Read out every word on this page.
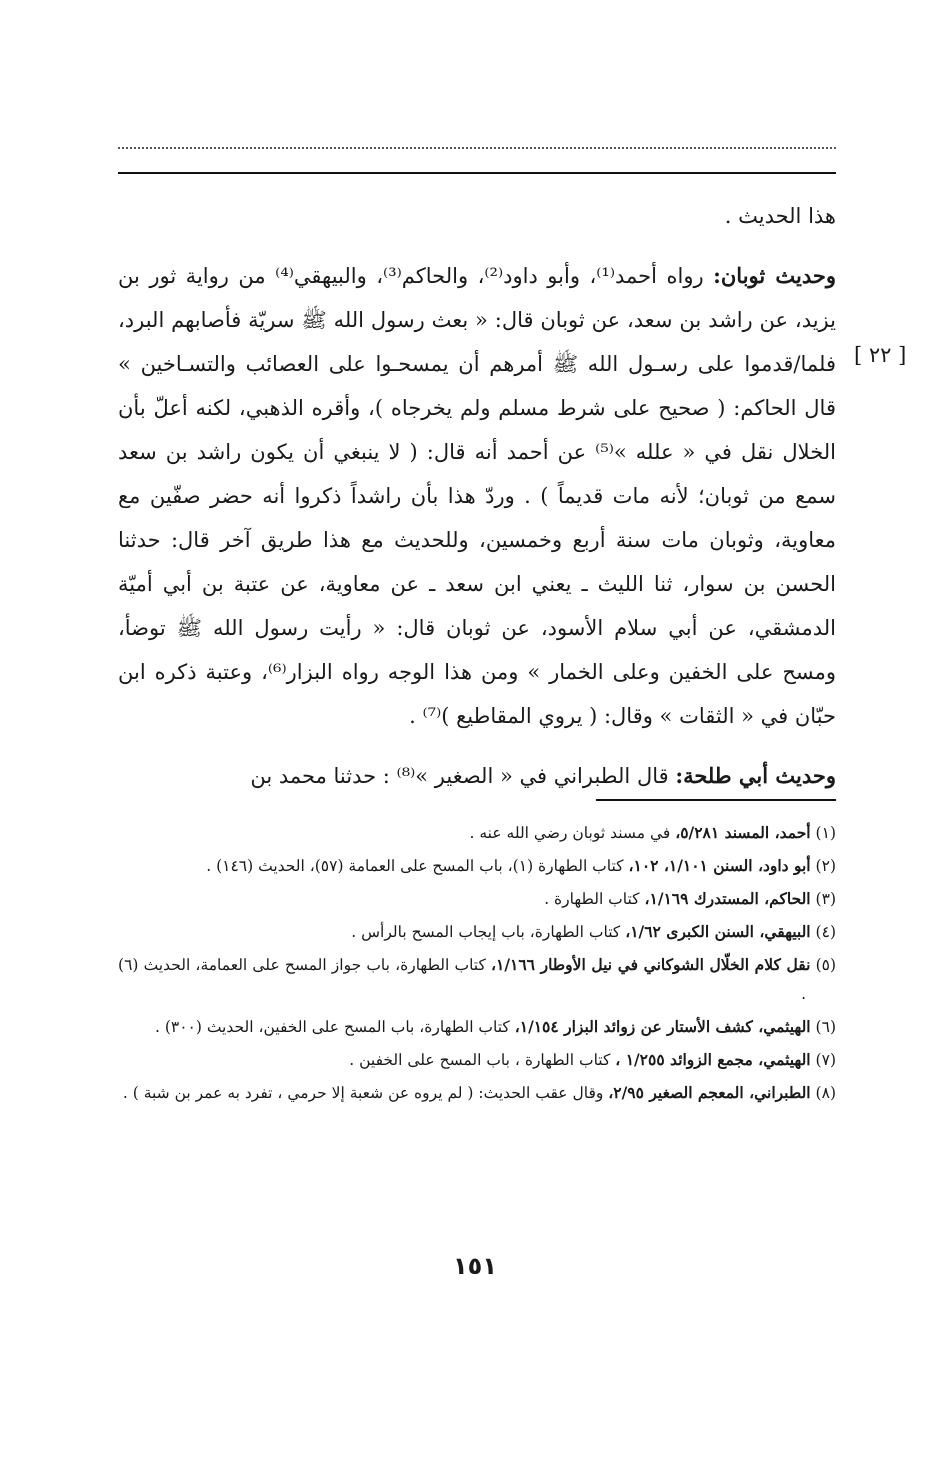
[ ٢٢ ]

هذا الحديث .

وحديث ثوبان: رواه أحمد⁽¹⁾، وأبو داود⁽²⁾، والحاكم⁽³⁾، والبيهقي⁽⁴⁾ من رواية ثور بن يزيد، عن راشد بن سعد، عن ثوبان قال: « بعث رسول الله ﷺ سريّة فأصابهم البرد، فلما/قدموا على رسـول الله ﷺ أمرهم أن يمسحـوا على العصائب والتسـاخين » قال الحاكم: ( صحيح على شرط مسلم ولم يخرجاه )، وأقره الذهبي، لكنه أعلّ بأن الخلال نقل في « علله »⁽⁵⁾ عن أحمد أنه قال: ( لا ينبغي أن يكون راشد بن سعد سمع من ثوبان؛ لأنه مات قديماً ) . وردّ هذا بأن راشداً ذكروا أنه حضر صفّين مع معاوية، وثوبان مات سنة أربع وخمسين، وللحديث مع هذا طريق آخر قال: حدثنا الحسن بن سوار، ثنا الليث ـ يعني ابن سعد ـ عن معاوية، عن عتبة بن أبي أميّة الدمشقي، عن أبي سلام الأسود، عن ثوبان قال: « رأيت رسول الله ﷺ توضأ، ومسح على الخفين وعلى الخمار » ومن هذا الوجه رواه البزار⁽⁶⁾، وعتبة ذكره ابن حبّان في « الثقات » وقال: ( يروي المقاطيع )⁽⁷⁾ .

وحديث أبي طلحة: قال الطبراني في « الصغير »⁽⁸⁾ : حدثنا محمد بن

(١) أحمد، المسند ٥/٢٨١، في مسند ثوبان رضي الله عنه .

(٢) أبو داود، السنن ١/١٠١، ١٠٢، كتاب الطهارة (١)، باب المسح على العمامة (٥٧)، الحديث (١٤٦) .

(٣) الحاكم، المستدرك ١/١٦٩، كتاب الطهارة .

(٤) البيهقي، السنن الكبرى ١/٦٢، كتاب الطهارة، باب إيجاب المسح بالرأس .

(٥) نقل كلام الخلّال الشوكاني في نيل الأوطار ١/١٦٦، كتاب الطهارة، باب جواز المسح على العمامة، الحديث (٦) .

(٦) الهيثمي، كشف الأستار عن زوائد البزار ١/١٥٤، كتاب الطهارة، باب المسح على الخفين، الحديث (٣٠٠) .

(٧) الهيثمي، مجمع الزوائد ١/٢٥٥ ، كتاب الطهارة ، باب المسح على الخفين .

(٨) الطبراني، المعجم الصغير ٢/٩٥، وقال عقب الحديث: ( لم يروه عن شعبة إلا حرمي ، تفرد به عمر بن شبة ) .

١٥١
